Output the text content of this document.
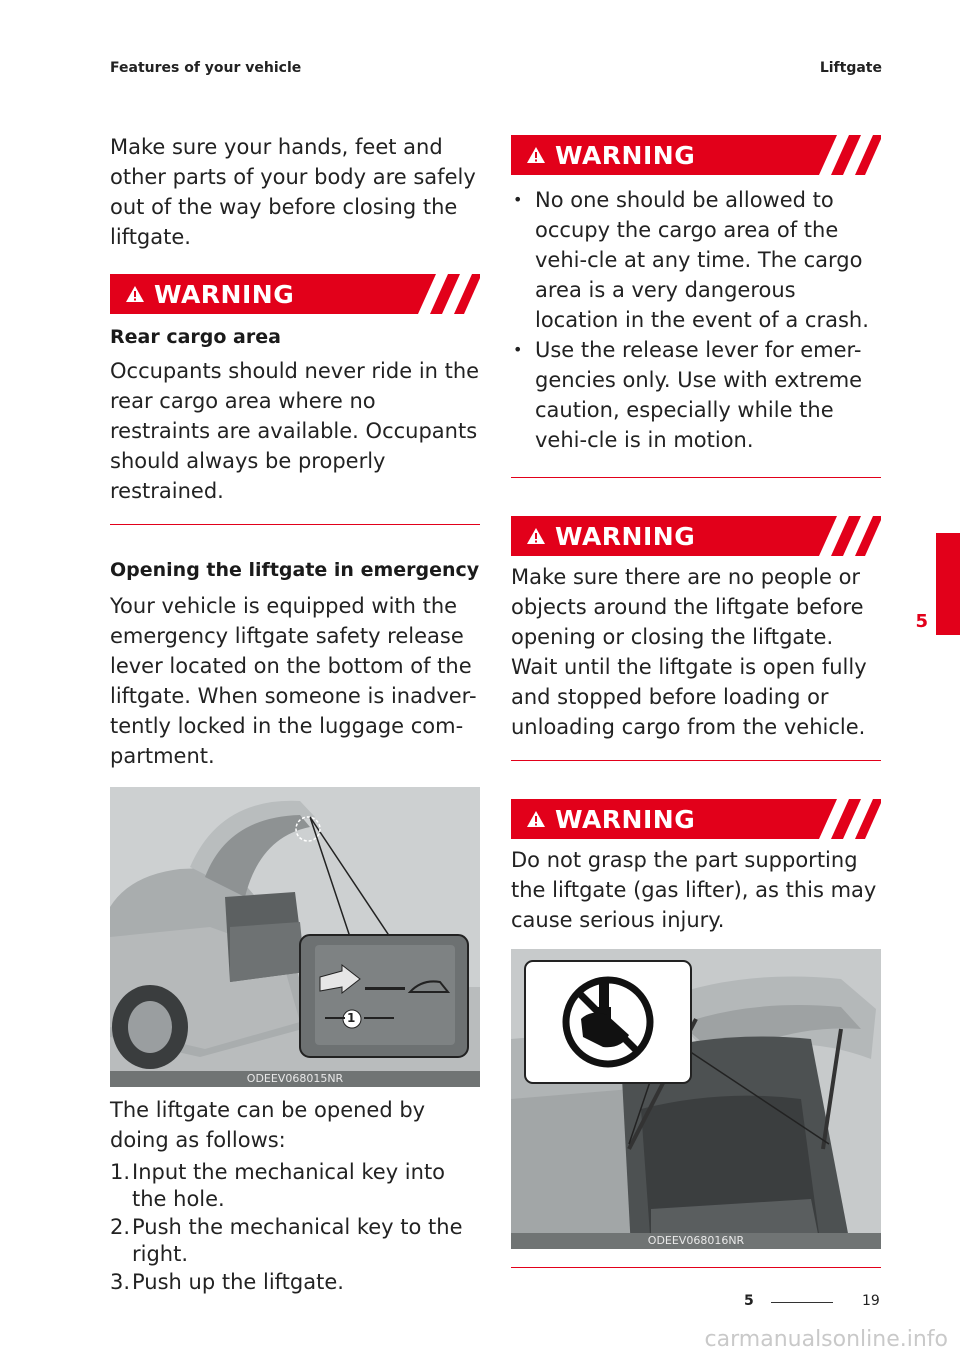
Features of your vehicle	Liftgate

Make sure your hands, feet and other parts of your body are safely out of the way before closing the liftgate.

WARNING
Rear cargo area

Occupants should never ride in the rear cargo area where no restraints are available. Occupants should always be properly restrained.

Opening the liftgate in emergency

Your vehicle is equipped with the emergency liftgate safety release lever located on the bottom of the liftgate. When someone is inadver-tently locked in the luggage com-partment.

1
ODEEV068015NR

The liftgate can be opened by doing as follows:

1. Input the mechanical key into the hole.
2. Push the mechanical key to the right.
3. Push up the liftgate.
WARNING
• No one should be allowed to occupy the cargo area of the vehi-cle at any time. The cargo area is a very dangerous location in the event of a crash.
• Use the release lever for emer-gencies only. Use with extreme caution, especially while the vehi-cle is in motion.
WARNING

Make sure there are no people or objects around the liftgate before opening or closing the liftgate. Wait until the liftgate is open fully and stopped before loading or unloading cargo from the vehicle.

WARNING

Do not grasp the part supporting the liftgate (gas lifter), as this may cause serious injury.

ODEEV068016NR
5
5	19
carmanualsonline.info
